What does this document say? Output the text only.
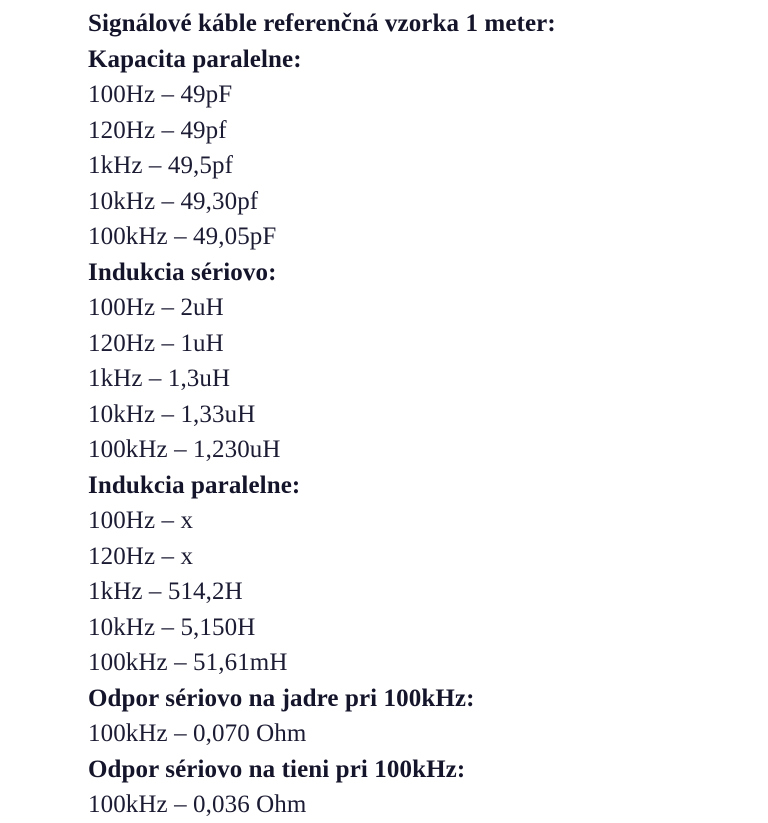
Signálové káble referenčná vzorka 1 meter:
Kapacita paralelne:
100Hz – 49pF
120Hz – 49pf
1kHz – 49,5pf
10kHz – 49,30pf
100kHz – 49,05pF
Indukcia sériovo:
100Hz – 2uH
120Hz – 1uH
1kHz – 1,3uH
10kHz – 1,33uH
100kHz – 1,230uH
Indukcia paralelne:
100Hz – x
120Hz – x
1kHz – 514,2H
10kHz – 5,150H
100kHz – 51,61mH
Odpor sériovo na jadre pri 100kHz:
100kHz – 0,070 Ohm
Odpor sériovo na tieni pri 100kHz:
100kHz – 0,036 Ohm
